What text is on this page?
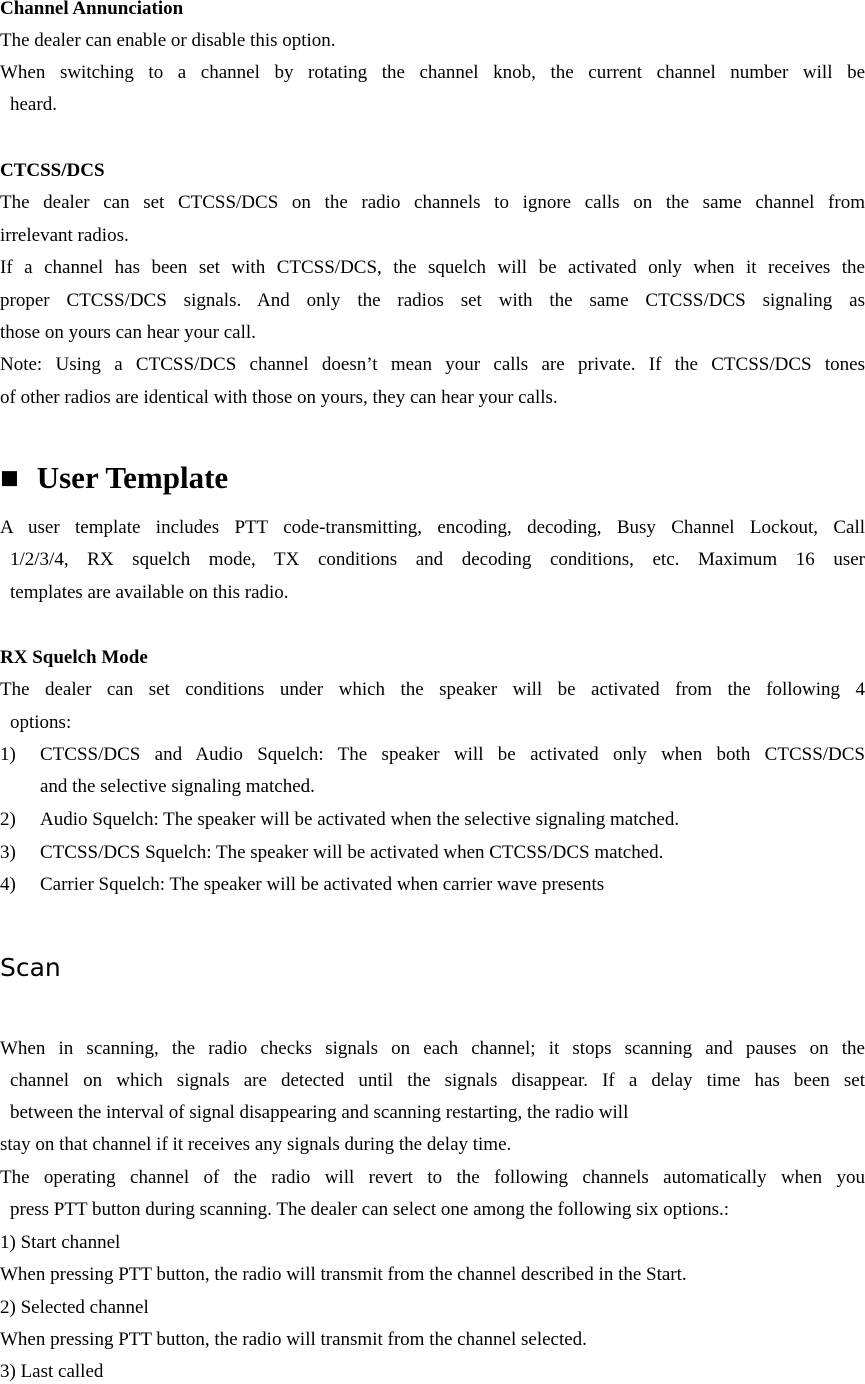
Channel Annunciation
The dealer can enable or disable this option.
When switching to a channel by rotating the channel knob, the current channel number will be
heard.
CTCSS/DCS
The dealer can set CTCSS/DCS on the radio channels to ignore calls on the same channel from
irrelevant radios.
If a channel has been set with CTCSS/DCS, the squelch will be activated only when it receives the
proper CTCSS/DCS signals. And only the radios set with the same CTCSS/DCS signaling as
those on yours can hear your call.
Note: Using a CTCSS/DCS channel doesn’t mean your calls are private. If the CTCSS/DCS tones
of other radios are identical with those on yours, they can hear your calls.
■ User Template
A user template includes PTT code-transmitting, encoding, decoding, Busy Channel Lockout, Call
1/2/3/4, RX squelch mode, TX conditions and decoding conditions, etc. Maximum 16 user
templates are available on this radio.
RX Squelch Mode
The dealer can set conditions under which the speaker will be activated from the following 4
options:
1) CTCSS/DCS and Audio Squelch: The speaker will be activated only when both CTCSS/DCS
and the selective signaling matched.
2) Audio Squelch: The speaker will be activated when the selective signaling matched.
3) CTCSS/DCS Squelch: The speaker will be activated when CTCSS/DCS matched.
4) Carrier Squelch: The speaker will be activated when carrier wave presents
Scan
When in scanning, the radio checks signals on each channel; it stops scanning and pauses on the
channel on which signals are detected until the signals disappear. If a delay time has been set
between the interval of signal disappearing and scanning restarting, the radio will
stay on that channel if it receives any signals during the delay time.
The operating channel of the radio will revert to the following channels automatically when you
press PTT button during scanning. The dealer can select one among the following six options.:
1) Start channel
When pressing PTT button, the radio will transmit from the channel described in the Start.
2) Selected channel
When pressing PTT button, the radio will transmit from the channel selected.
3) Last called
